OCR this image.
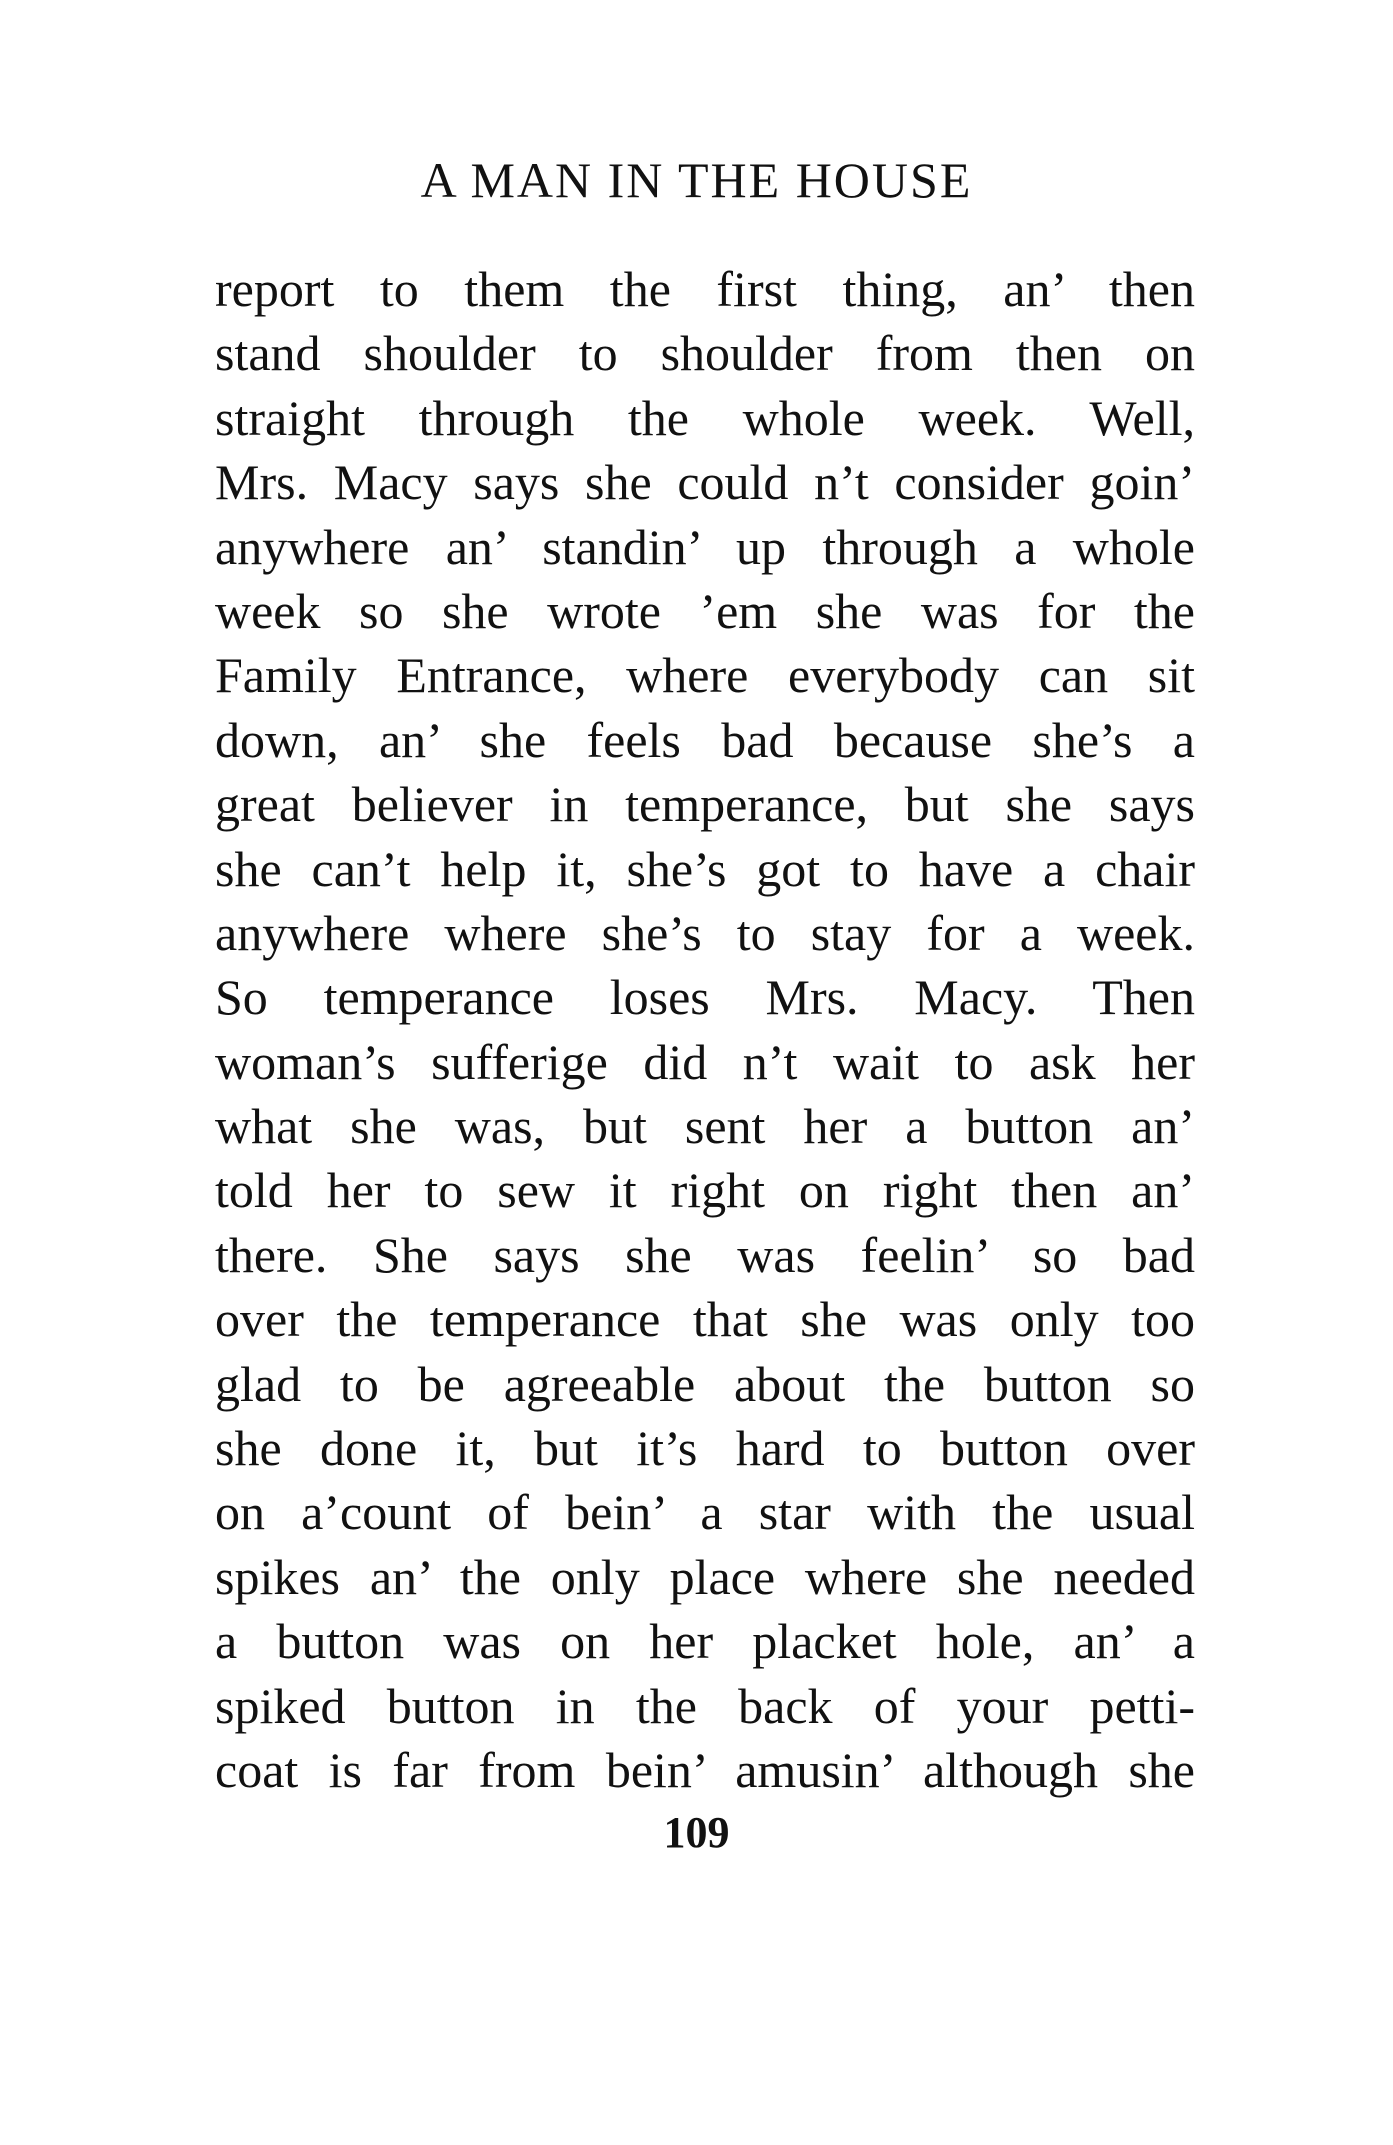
A MAN IN THE HOUSE
report to them the first thing, an’ then
stand shoulder to shoulder from then on
straight through the whole week. Well,
Mrs. Macy says she could n’t consider goin’
anywhere an’ standin’ up through a whole
week so she wrote ’em she was for the
Family Entrance, where everybody can sit
down, an’ she feels bad because she’s a
great believer in temperance, but she says
she can’t help it, she’s got to have a chair
anywhere where she’s to stay for a week.
So temperance loses Mrs. Macy. Then
woman’s sufferige did n’t wait to ask her
what she was, but sent her a button an’
told her to sew it right on right then an’
there. She says she was feelin’ so bad
over the temperance that she was only too
glad to be agreeable about the button so
she done it, but it’s hard to button over
on a’count of bein’ a star with the usual
spikes an’ the only place where she needed
a button was on her placket hole, an’ a
spiked button in the back of your petti-
coat is far from bein’ amusin’ although she
109
